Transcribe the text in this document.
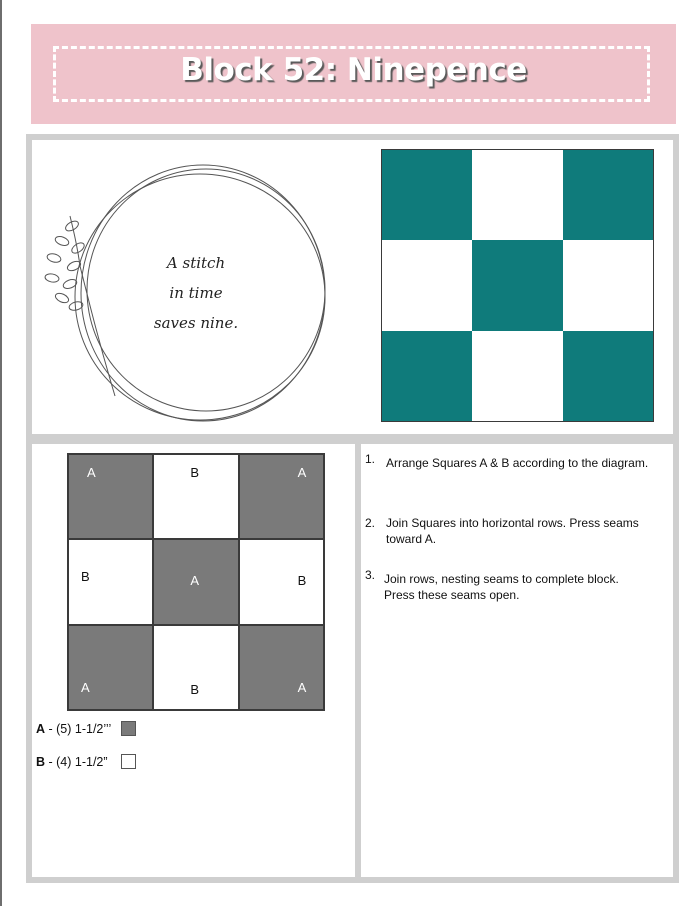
Block 52: Ninepence
A stitch
in time
saves nine.
A	B	A
B	A	B
A	B	A
A - (5) 1-1/2’’’
B - (4) 1-1/2”
1. Arrange Squares A & B according to the diagram.
2. Join Squares into horizontal rows. Press seams
toward A.
3. Join rows, nesting seams to complete block.
Press these seams open.
